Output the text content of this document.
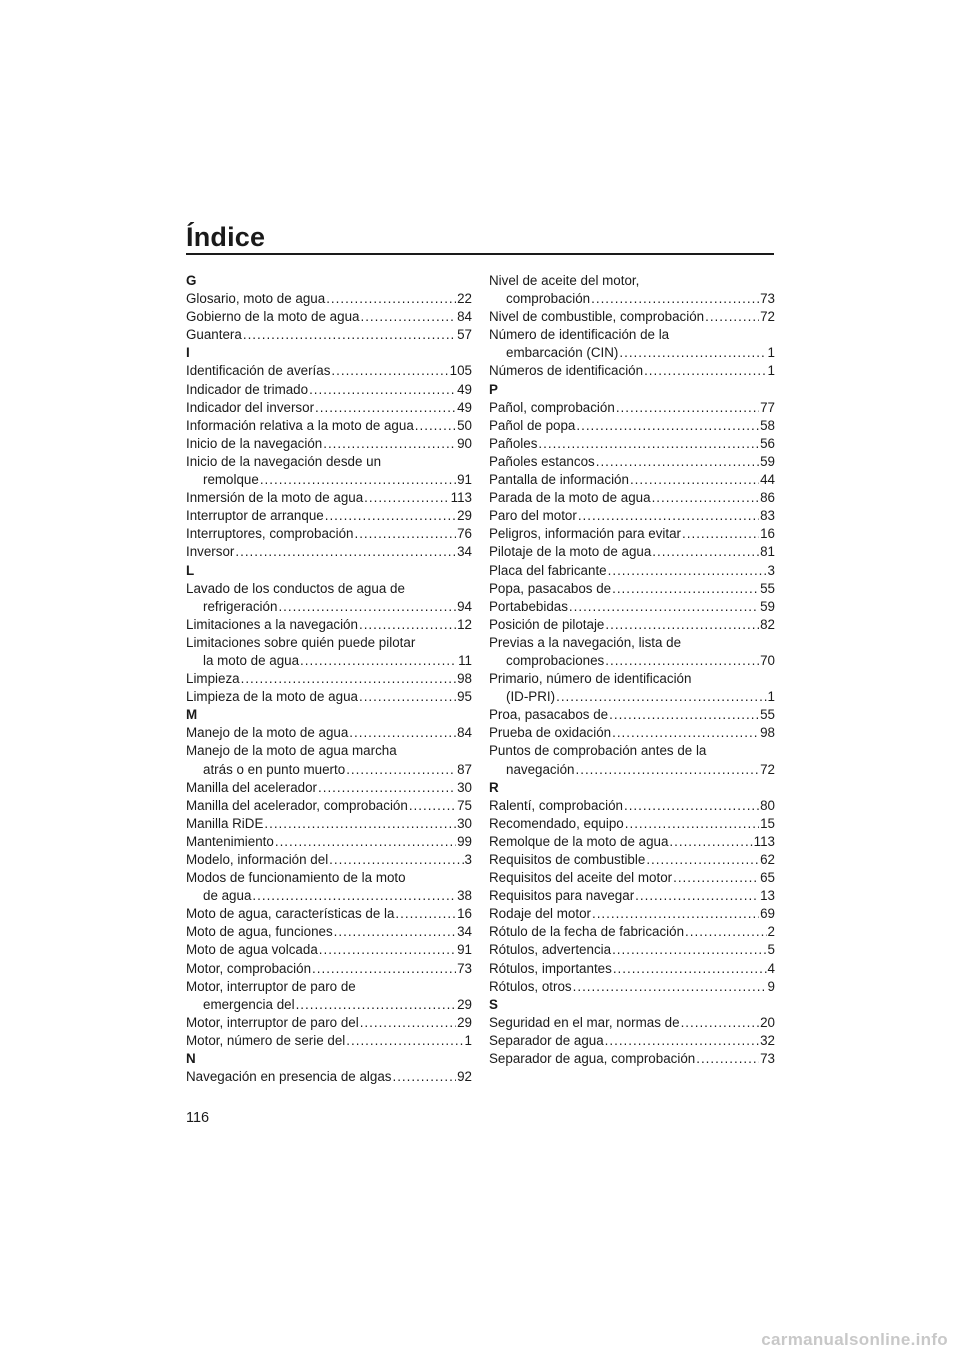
Índice
G
Glosario, moto de agua .....	22
Gobierno de la moto de agua .....	84
Guantera .....	57
I
Identificación de averías .....	105
Indicador de trimado .....	49
Indicador del inversor .....	49
Información relativa a la moto de agua .....	50
Inicio de la navegación .....	90
Inicio de la navegación desde un
remolque .....	91
Inmersión de la moto de agua .....	113
Interruptor de arranque .....	29
Interruptores, comprobación .....	76
Inversor .....	34
L
Lavado de los conductos de agua de
refrigeración .....	94
Limitaciones a la navegación .....	12
Limitaciones sobre quién puede pilotar
la moto de agua .....	11
Limpieza .....	98
Limpieza de la moto de agua .....	95
M
Manejo de la moto de agua .....	84
Manejo de la moto de agua marcha
atrás o en punto muerto .....	87
Manilla del acelerador .....	30
Manilla del acelerador, comprobación .....	75
Manilla RiDE .....	30
Mantenimiento .....	99
Modelo, información del .....	3
Modos de funcionamiento de la moto
de agua .....	38
Moto de agua, características de la .....	16
Moto de agua, funciones .....	34
Moto de agua volcada .....	91
Motor, comprobación .....	73
Motor, interruptor de paro de
emergencia del .....	29
Motor, interruptor de paro del .....	29
Motor, número de serie del .....	1
N
Navegación en presencia de algas .....	92
Nivel de aceite del motor,
comprobación .....	73
Nivel de combustible, comprobación .....	72
Número de identificación de la
embarcación (CIN) .....	1
Números de identificación .....	1
P
Pañol, comprobación .....	77
Pañol de popa .....	58
Pañoles .....	56
Pañoles estancos .....	59
Pantalla de información .....	44
Parada de la moto de agua .....	86
Paro del motor .....	83
Peligros, información para evitar .....	16
Pilotaje de la moto de agua .....	81
Placa del fabricante .....	3
Popa, pasacabos de .....	55
Portabebidas .....	59
Posición de pilotaje .....	82
Previas a la navegación, lista de
comprobaciones .....	70
Primario, número de identificación
(ID-PRI) .....	1
Proa, pasacabos de .....	55
Prueba de oxidación .....	98
Puntos de comprobación antes de la
navegación .....	72
R
Ralentí, comprobación .....	80
Recomendado, equipo .....	15
Remolque de la moto de agua .....	113
Requisitos de combustible .....	62
Requisitos del aceite del motor .....	65
Requisitos para navegar .....	13
Rodaje del motor .....	69
Rótulo de la fecha de fabricación .....	2
Rótulos, advertencia .....	5
Rótulos, importantes .....	4
Rótulos, otros .....	9
S
Seguridad en el mar, normas de .....	20
Separador de agua .....	32
Separador de agua, comprobación .....	73
116
carmanualsonline.info
